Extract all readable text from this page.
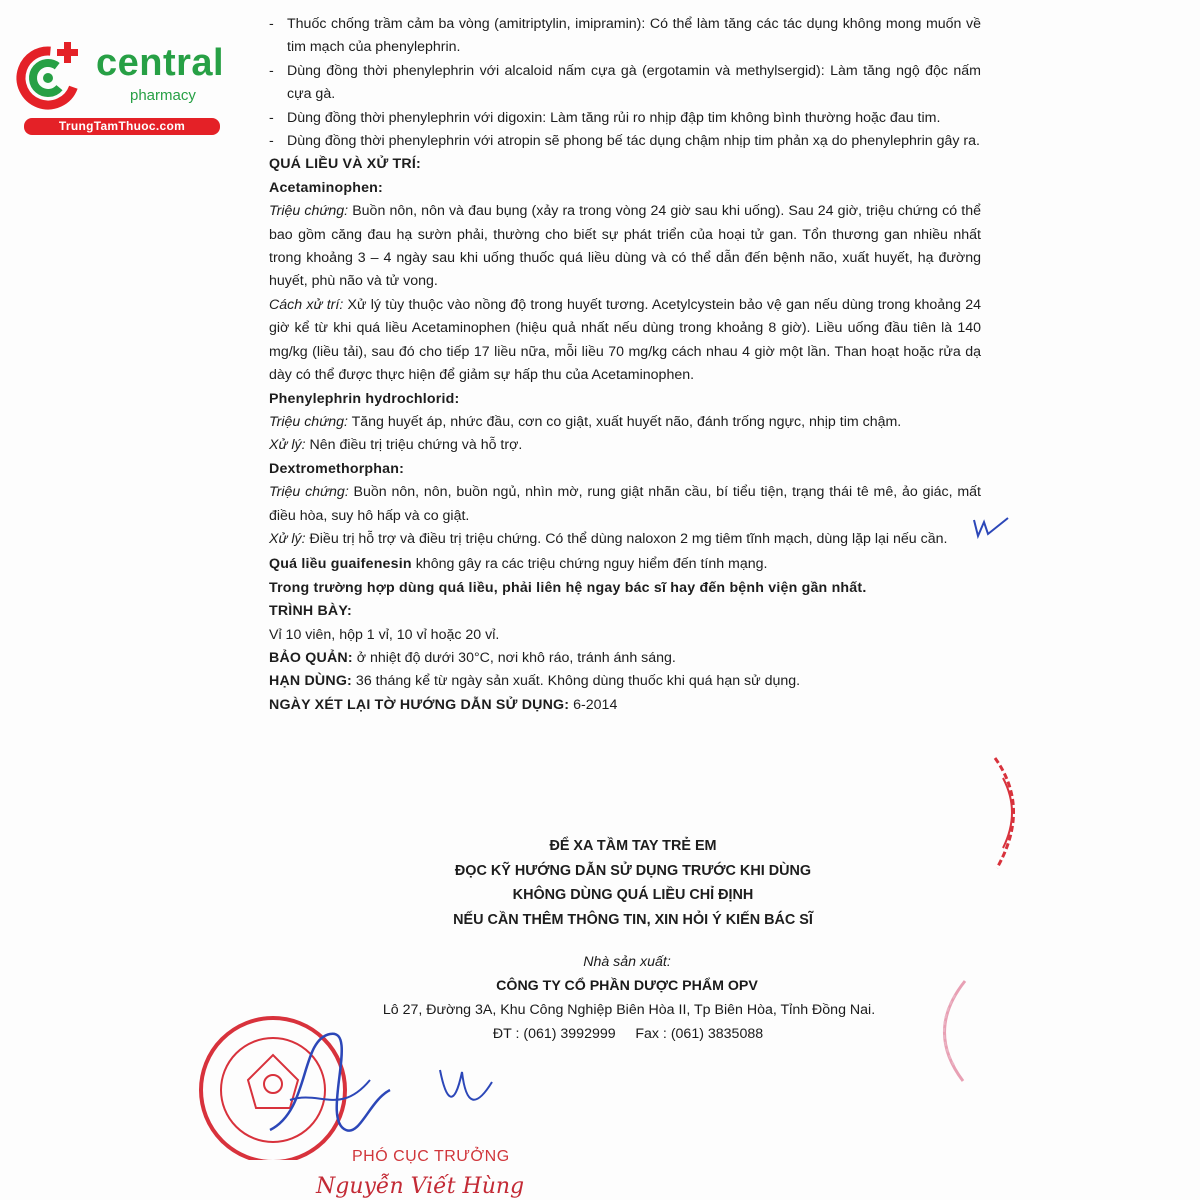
central
pharmacy
TrungTamThuoc.com
- Thuốc chống trầm cảm ba vòng (amitriptylin, imipramin): Có thể làm tăng các tác dụng không mong muốn về tim mạch của phenylephrin.
- Dùng đồng thời phenylephrin với alcaloid nấm cựa gà (ergotamin và methylsergid): Làm tăng ngộ độc nấm cựa gà.
- Dùng đồng thời phenylephrin với digoxin: Làm tăng rủi ro nhịp đập tim không bình thường hoặc đau tim.
- Dùng đồng thời phenylephrin với atropin sẽ phong bế tác dụng chậm nhịp tim phản xạ do phenylephrin gây ra.
QUÁ LIỀU VÀ XỬ TRÍ:
Acetaminophen:
Triệu chứng: Buồn nôn, nôn và đau bụng (xảy ra trong vòng 24 giờ sau khi uống). Sau 24 giờ, triệu chứng có thể bao gồm căng đau hạ sườn phải, thường cho biết sự phát triển của hoại tử gan. Tổn thương gan nhiều nhất trong khoảng 3 – 4 ngày sau khi uống thuốc quá liều dùng và có thể dẫn đến bệnh não, xuất huyết, hạ đường huyết, phù não và tử vong.
Cách xử trí: Xử lý tùy thuộc vào nồng độ trong huyết tương. Acetylcystein bảo vệ gan nếu dùng trong khoảng 24 giờ kể từ khi quá liều Acetaminophen (hiệu quả nhất nếu dùng trong khoảng 8 giờ). Liều uống đầu tiên là 140 mg/kg (liều tải), sau đó cho tiếp 17 liều nữa, mỗi liều 70 mg/kg cách nhau 4 giờ một lần. Than hoạt hoặc rửa dạ dày có thể được thực hiện để giảm sự hấp thu của Acetaminophen.
Phenylephrin hydrochlorid:
Triệu chứng: Tăng huyết áp, nhức đầu, cơn co giật, xuất huyết não, đánh trống ngực, nhịp tim chậm.
Xử lý: Nên điều trị triệu chứng và hỗ trợ.
Dextromethorphan:
Triệu chứng: Buồn nôn, nôn, buồn ngủ, nhìn mờ, rung giật nhãn cầu, bí tiểu tiện, trạng thái tê mê, ảo giác, mất điều hòa, suy hô hấp và co giật.
Xử lý: Điều trị hỗ trợ và điều trị triệu chứng. Có thể dùng naloxon 2 mg tiêm tĩnh mạch, dùng lặp lại nếu cần.
Quá liều guaifenesin không gây ra các triệu chứng nguy hiểm đến tính mạng.
Trong trường hợp dùng quá liều, phải liên hệ ngay bác sĩ hay đến bệnh viện gần nhất.
TRÌNH BÀY:
Vỉ 10 viên, hộp 1 vỉ, 10 vỉ hoặc 20 vỉ.
BẢO QUẢN: ở nhiệt độ dưới 30°C, nơi khô ráo, tránh ánh sáng.
HẠN DÙNG: 36 tháng kể từ ngày sản xuất. Không dùng thuốc khi quá hạn sử dụng.
NGÀY XÉT LẠI TỜ HƯỚNG DẪN SỬ DỤNG: 6-2014
ĐỂ XA TẦM TAY TRẺ EM
ĐỌC KỸ HƯỚNG DẪN SỬ DỤNG TRƯỚC KHI DÙNG
KHÔNG DÙNG QUÁ LIỀU CHỈ ĐỊNH
NẾU CẦN THÊM THÔNG TIN, XIN HỎI Ý KIẾN BÁC SĨ
Nhà sản xuất:
CÔNG TY CỔ PHẦN DƯỢC PHẨM OPV
Lô 27, Đường 3A, Khu Công Nghiệp Biên Hòa II, Tp Biên Hòa, Tỉnh Đồng Nai.
ĐT : (061) 3992999     Fax : (061) 3835088
PHÓ CỤC TRƯỞNG
Nguyễn Viết Hùng
